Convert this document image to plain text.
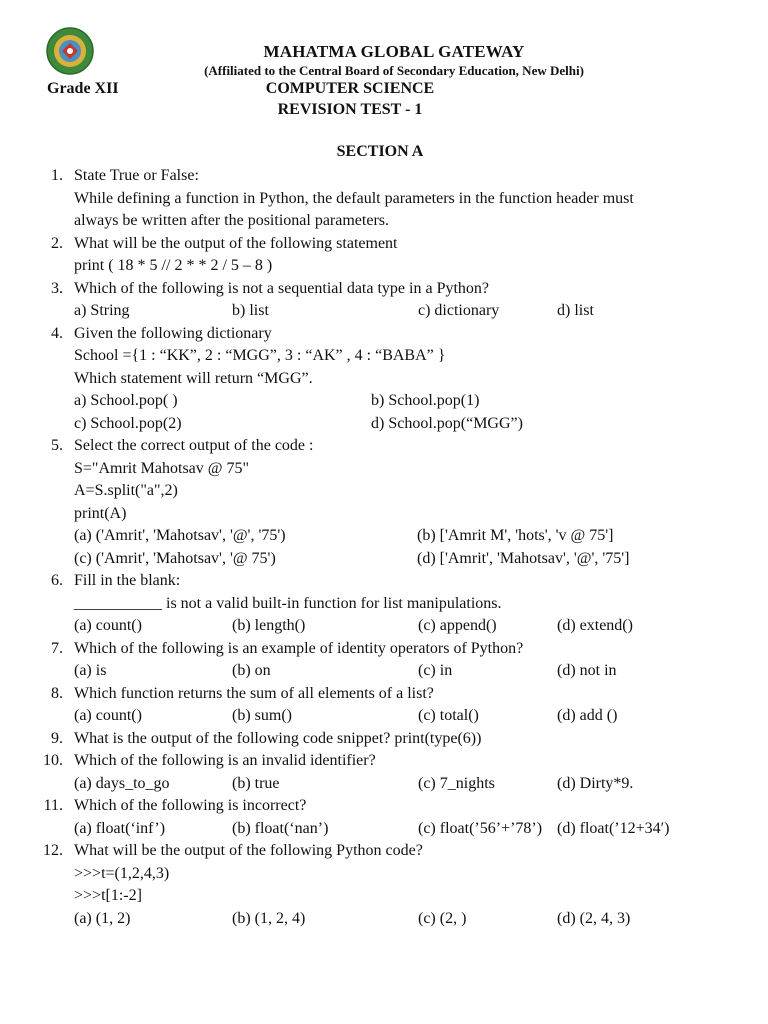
MAHATMA GLOBAL GATEWAY
(Affiliated to the Central Board of Secondary Education, New Delhi)
Grade XII	COMPUTER SCIENCE
REVISION TEST - 1
SECTION A
1. State True or False:
While defining a function in Python, the default parameters in the function header must
always be written after the positional parameters.
2. What will be the output of the following statement
print ( 18 * 5 // 2 * * 2 / 5 – 8 )
3. Which of the following is not a sequential data type in a Python?
a) String	b) list	c) dictionary	d) list
4. Given the following dictionary
School ={1 : “KK”, 2 : “MGG”, 3 : “AK” , 4 : “BABA” }
Which statement will return “MGG”.
a) School.pop( )	b) School.pop(1)
c) School.pop(2)	d) School.pop(“MGG”)
5. Select the correct output of the code :
S="Amrit Mahotsav @ 75"
A=S.split("a",2)
print(A)
(a) ('Amrit', 'Mahotsav', '@', '75')	(b) ['Amrit M', 'hots', 'v @ 75']
(c) ('Amrit', 'Mahotsav', '@ 75')	(d) ['Amrit', 'Mahotsav', '@', '75']
6. Fill in the blank:
___________ is not a valid built-in function for list manipulations.
(a) count()	(b) length()	(c) append()	(d) extend()
7. Which of the following is an example of identity operators of Python?
(a) is	(b) on	(c) in	(d) not in
8. Which function returns the sum of all elements of a list?
(a) count()	(b) sum()	(c) total()	(d) add ()
9. What is the output of the following code snippet? print(type(6))
10. Which of the following is an invalid identifier?
(a) days_to_go	(b) true	(c) 7_nights	(d) Dirty*9.
11. Which of the following is incorrect?
(a) float(‘inf’)	(b) float(‘nan’)	(c) float(’56’+’78’) (d) float(’12+34′)
12. What will be the output of the following Python code?
>>>t=(1,2,4,3)
>>>t[1:-2]
(a) (1, 2)	(b) (1, 2, 4)	(c) (2, )	(d) (2, 4, 3)
